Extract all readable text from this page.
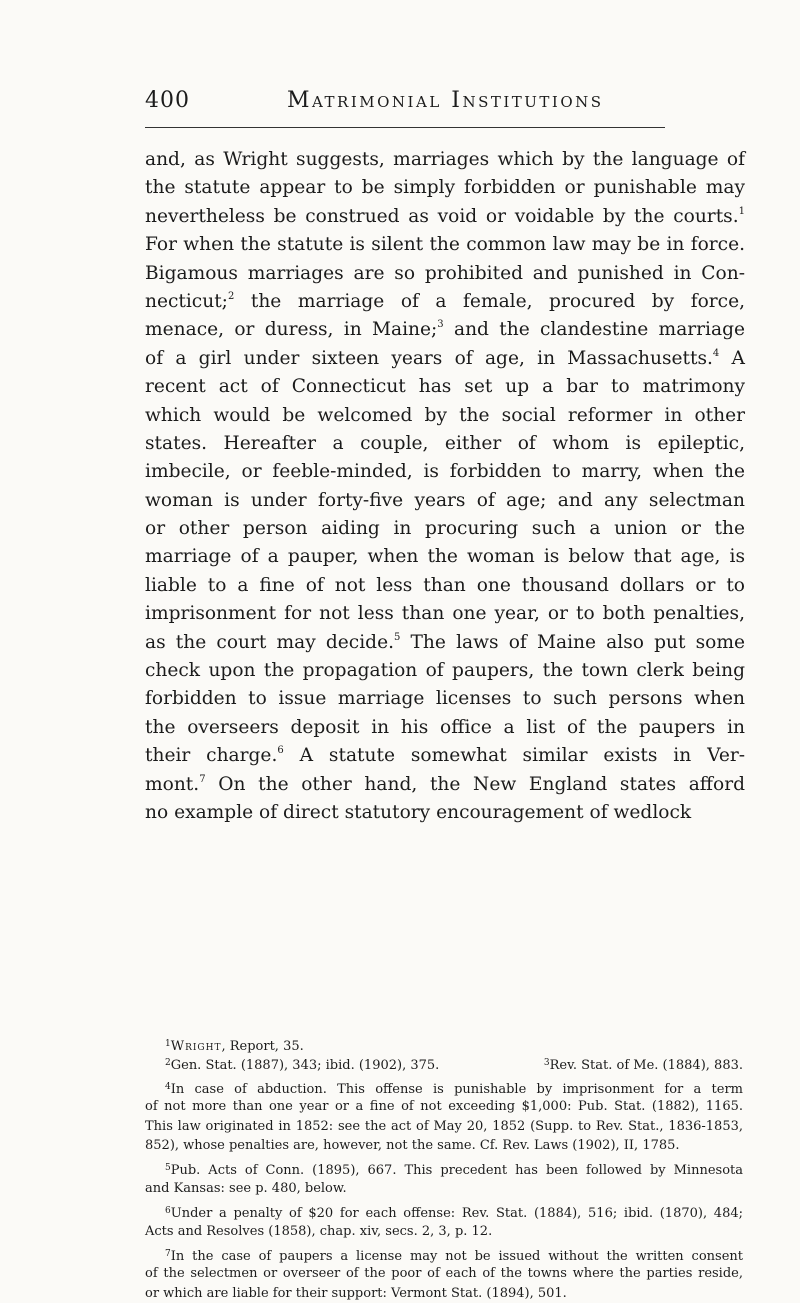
400	Matrimonial Institutions
and, as Wright suggests, marriages which by the language of
the statute appear to be simply forbidden or punishable may
nevertheless be construed as void or voidable by the courts.$^1$
For when the statute is silent the common law may be in force.
Bigamous marriages are so prohibited and punished in Con-
necticut;$^2$ the marriage of a female, procured by force,
menace, or duress, in Maine;$^3$ and the clandestine marriage
of a girl under sixteen years of age, in Massachusetts.$^4$ A
recent act of Connecticut has set up a bar to matrimony
which would be welcomed by the social reformer in other
states. Hereafter a couple, either of whom is epileptic,
imbecile, or feeble-minded, is forbidden to marry, when the
woman is under forty-five years of age; and any selectman
or other person aiding in procuring such a union or the
marriage of a pauper, when the woman is below that age, is
liable to a fine of not less than one thousand dollars or to
imprisonment for not less than one year, or to both penalties,
as the court may decide.$^5$ The laws of Maine also put some
check upon the propagation of paupers, the town clerk being
forbidden to issue marriage licenses to such persons when
the overseers deposit in his office a list of the paupers in
their charge.$^6$ A statute somewhat similar exists in Ver-
mont.$^7$ On the other hand, the New England states afford
no example of direct statutory encouragement of wedlock
$^1$Wright, Report, 35.
$^2$Gen. Stat. (1887), 343; ibid. (1902), 375.	$^3$Rev. Stat. of Me. (1884), 883.
$^4$In case of abduction. This offense is punishable by imprisonment for a term
of not more than one year or a fine of not exceeding $1,000: Pub. Stat. (1882), 1165.
This law originated in 1852: see the act of May 20, 1852 (Supp. to Rev. Stat., 1836-1853,
852), whose penalties are, however, not the same. Cf. Rev. Laws (1902), II, 1785.
$^5$Pub. Acts of Conn. (1895), 667. This precedent has been followed by Minnesota
and Kansas: see p. 480, below.
$^6$Under a penalty of $20 for each offense: Rev. Stat. (1884), 516; ibid. (1870), 484;
Acts and Resolves (1858), chap. xiv, secs. 2, 3, p. 12.
$^7$In the case of paupers a license may not be issued without the written consent
of the selectmen or overseer of the poor of each of the towns where the parties reside,
or which are liable for their support: Vermont Stat. (1894), 501.
